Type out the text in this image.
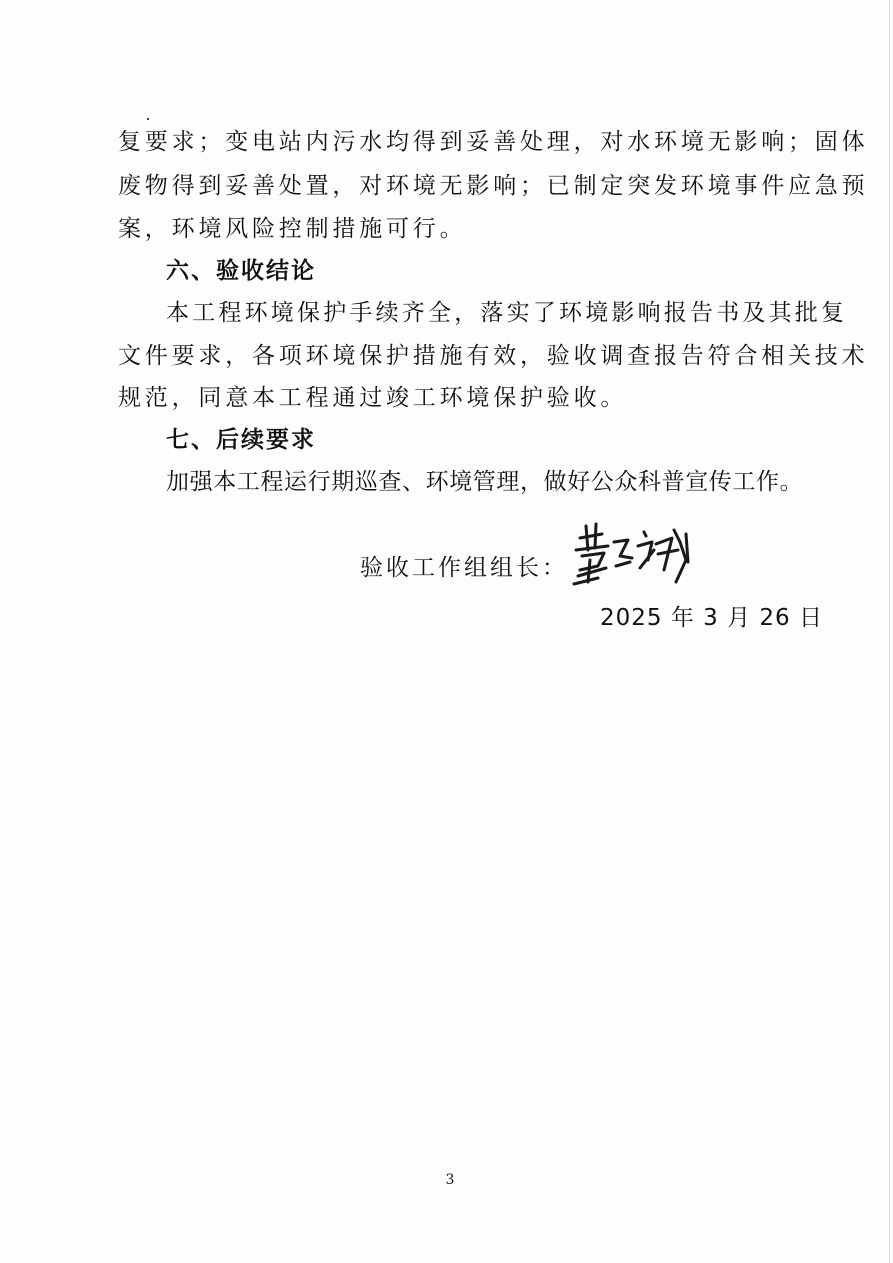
复要求；变电站内污水均得到妥善处理，对水环境无影响；固体
废物得到妥善处置，对环境无影响；已制定突发环境事件应急预
案，环境风险控制措施可行。
六、验收结论
本工程环境保护手续齐全，落实了环境影响报告书及其批复
文件要求，各项环境保护措施有效，验收调查报告符合相关技术
规范，同意本工程通过竣工环境保护验收。
七、后续要求
加强本工程运行期巡查、环境管理，做好公众科普宣传工作。
验收工作组组长：
2025 年 3 月 26 日
3
